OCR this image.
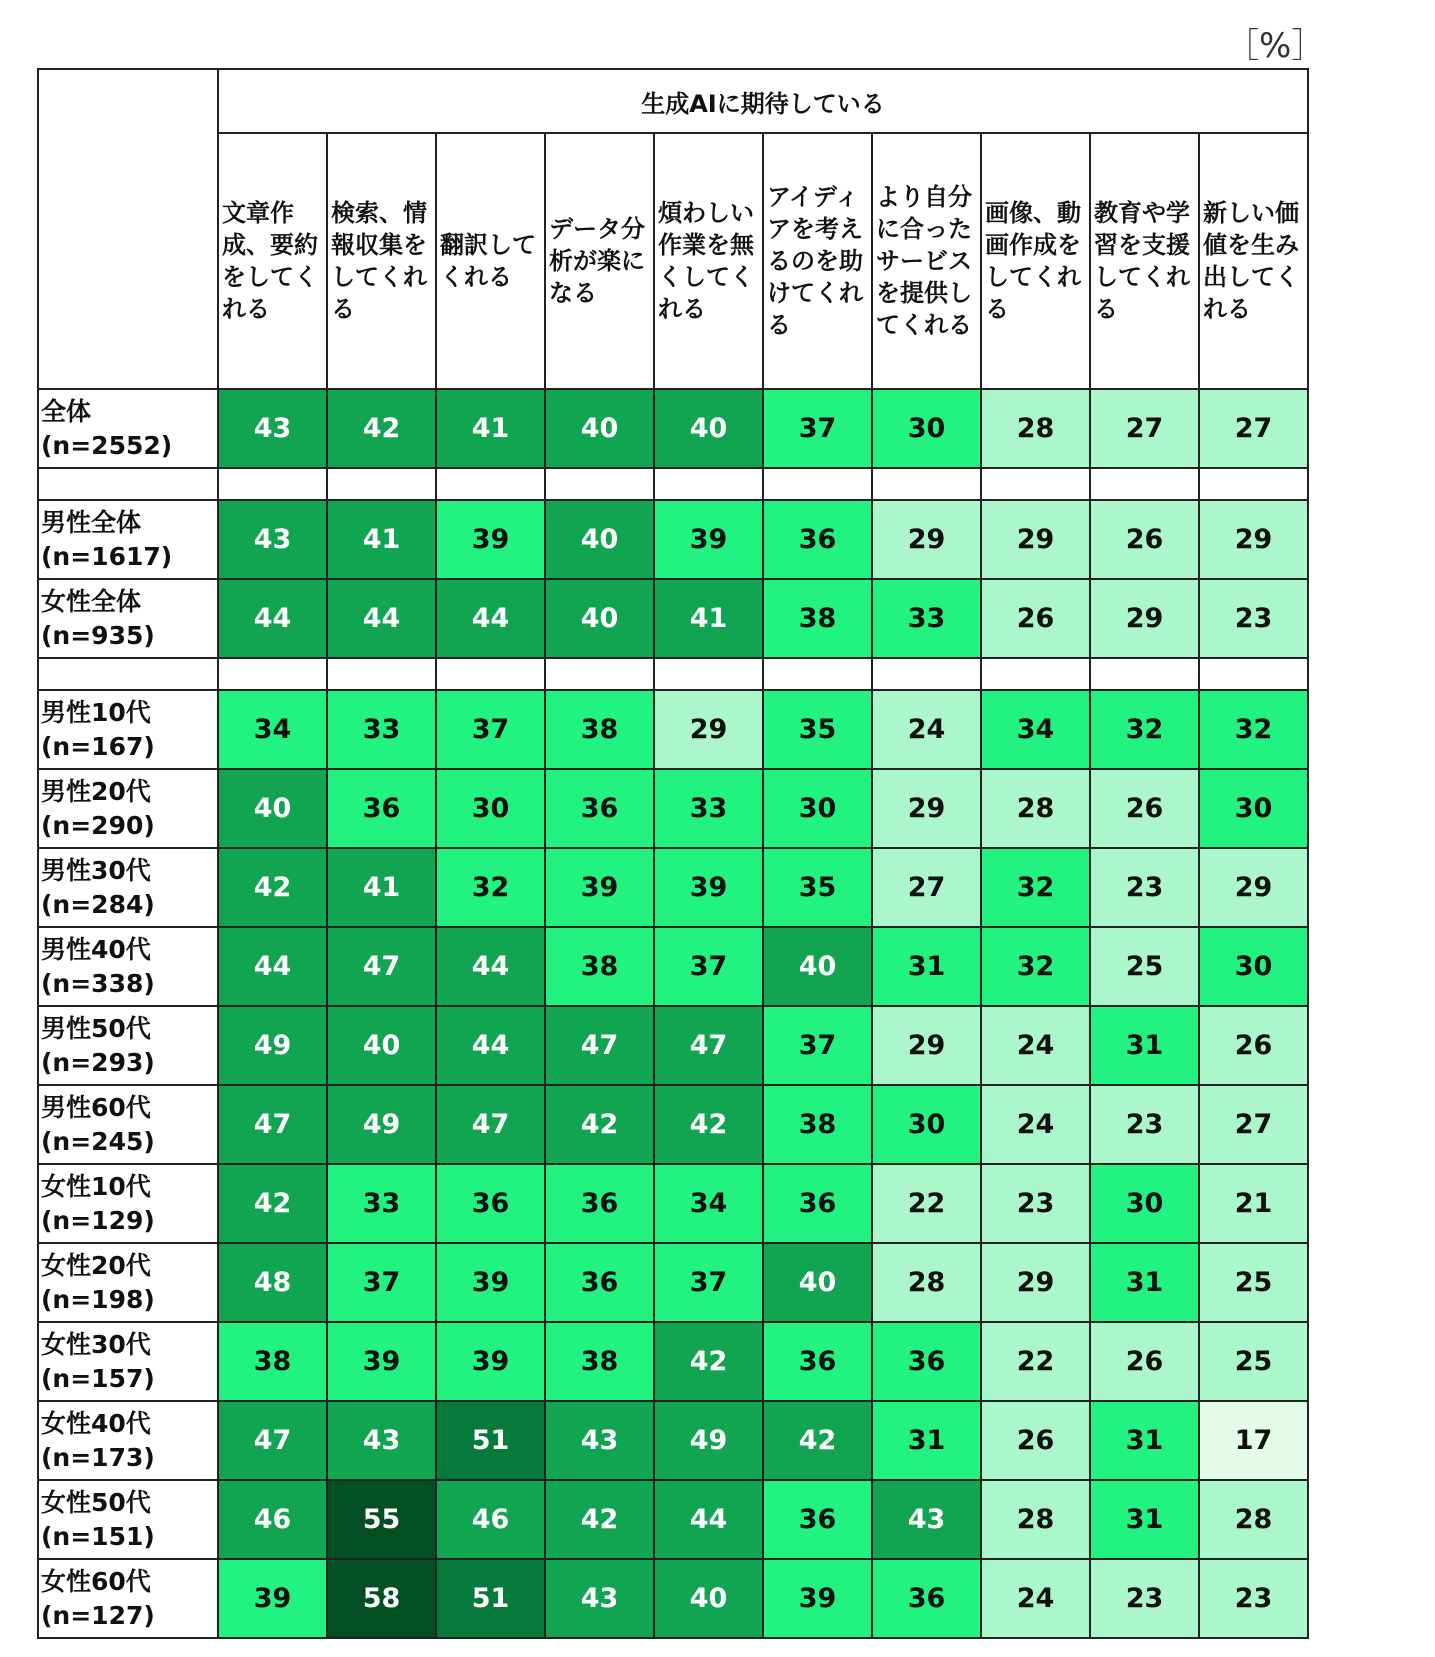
［%］
	生成AIに期待している									

	文章作成、要約をしてくれる	検索、情報収集をしてくれる	翻訳してくれる	データ分析が楽になる	煩わしい作業を無くしてくれる	アイディアを考えるのを助けてくれる	より自分に合ったサービスを提供してくれる	画像、動画作成をしてくれる	教育や学習を支援してくれる	新しい価値を生み出してくれる

全体
(n=2552)	43	42	41	40	40	37	30	28	27	27

男性全体
(n=1617)	43	41	39	40	39	36	29	29	26	29

女性全体
(n=935)	44	44	44	40	41	38	33	26	29	23

男性10代
(n=167)	34	33	37	38	29	35	24	34	32	32

男性20代
(n=290)	40	36	30	36	33	30	29	28	26	30

男性30代
(n=284)	42	41	32	39	39	35	27	32	23	29

男性40代
(n=338)	44	47	44	38	37	40	31	32	25	30

男性50代
(n=293)	49	40	44	47	47	37	29	24	31	26

男性60代
(n=245)	47	49	47	42	42	38	30	24	23	27

女性10代
(n=129)	42	33	36	36	34	36	22	23	30	21

女性20代
(n=198)	48	37	39	36	37	40	28	29	31	25

女性30代
(n=157)	38	39	39	38	42	36	36	22	26	25

女性40代
(n=173)	47	43	51	43	49	42	31	26	31	17

女性50代
(n=151)	46	55	46	42	44	36	43	28	31	28

女性60代
(n=127)	39	58	51	43	40	39	36	24	23	23
